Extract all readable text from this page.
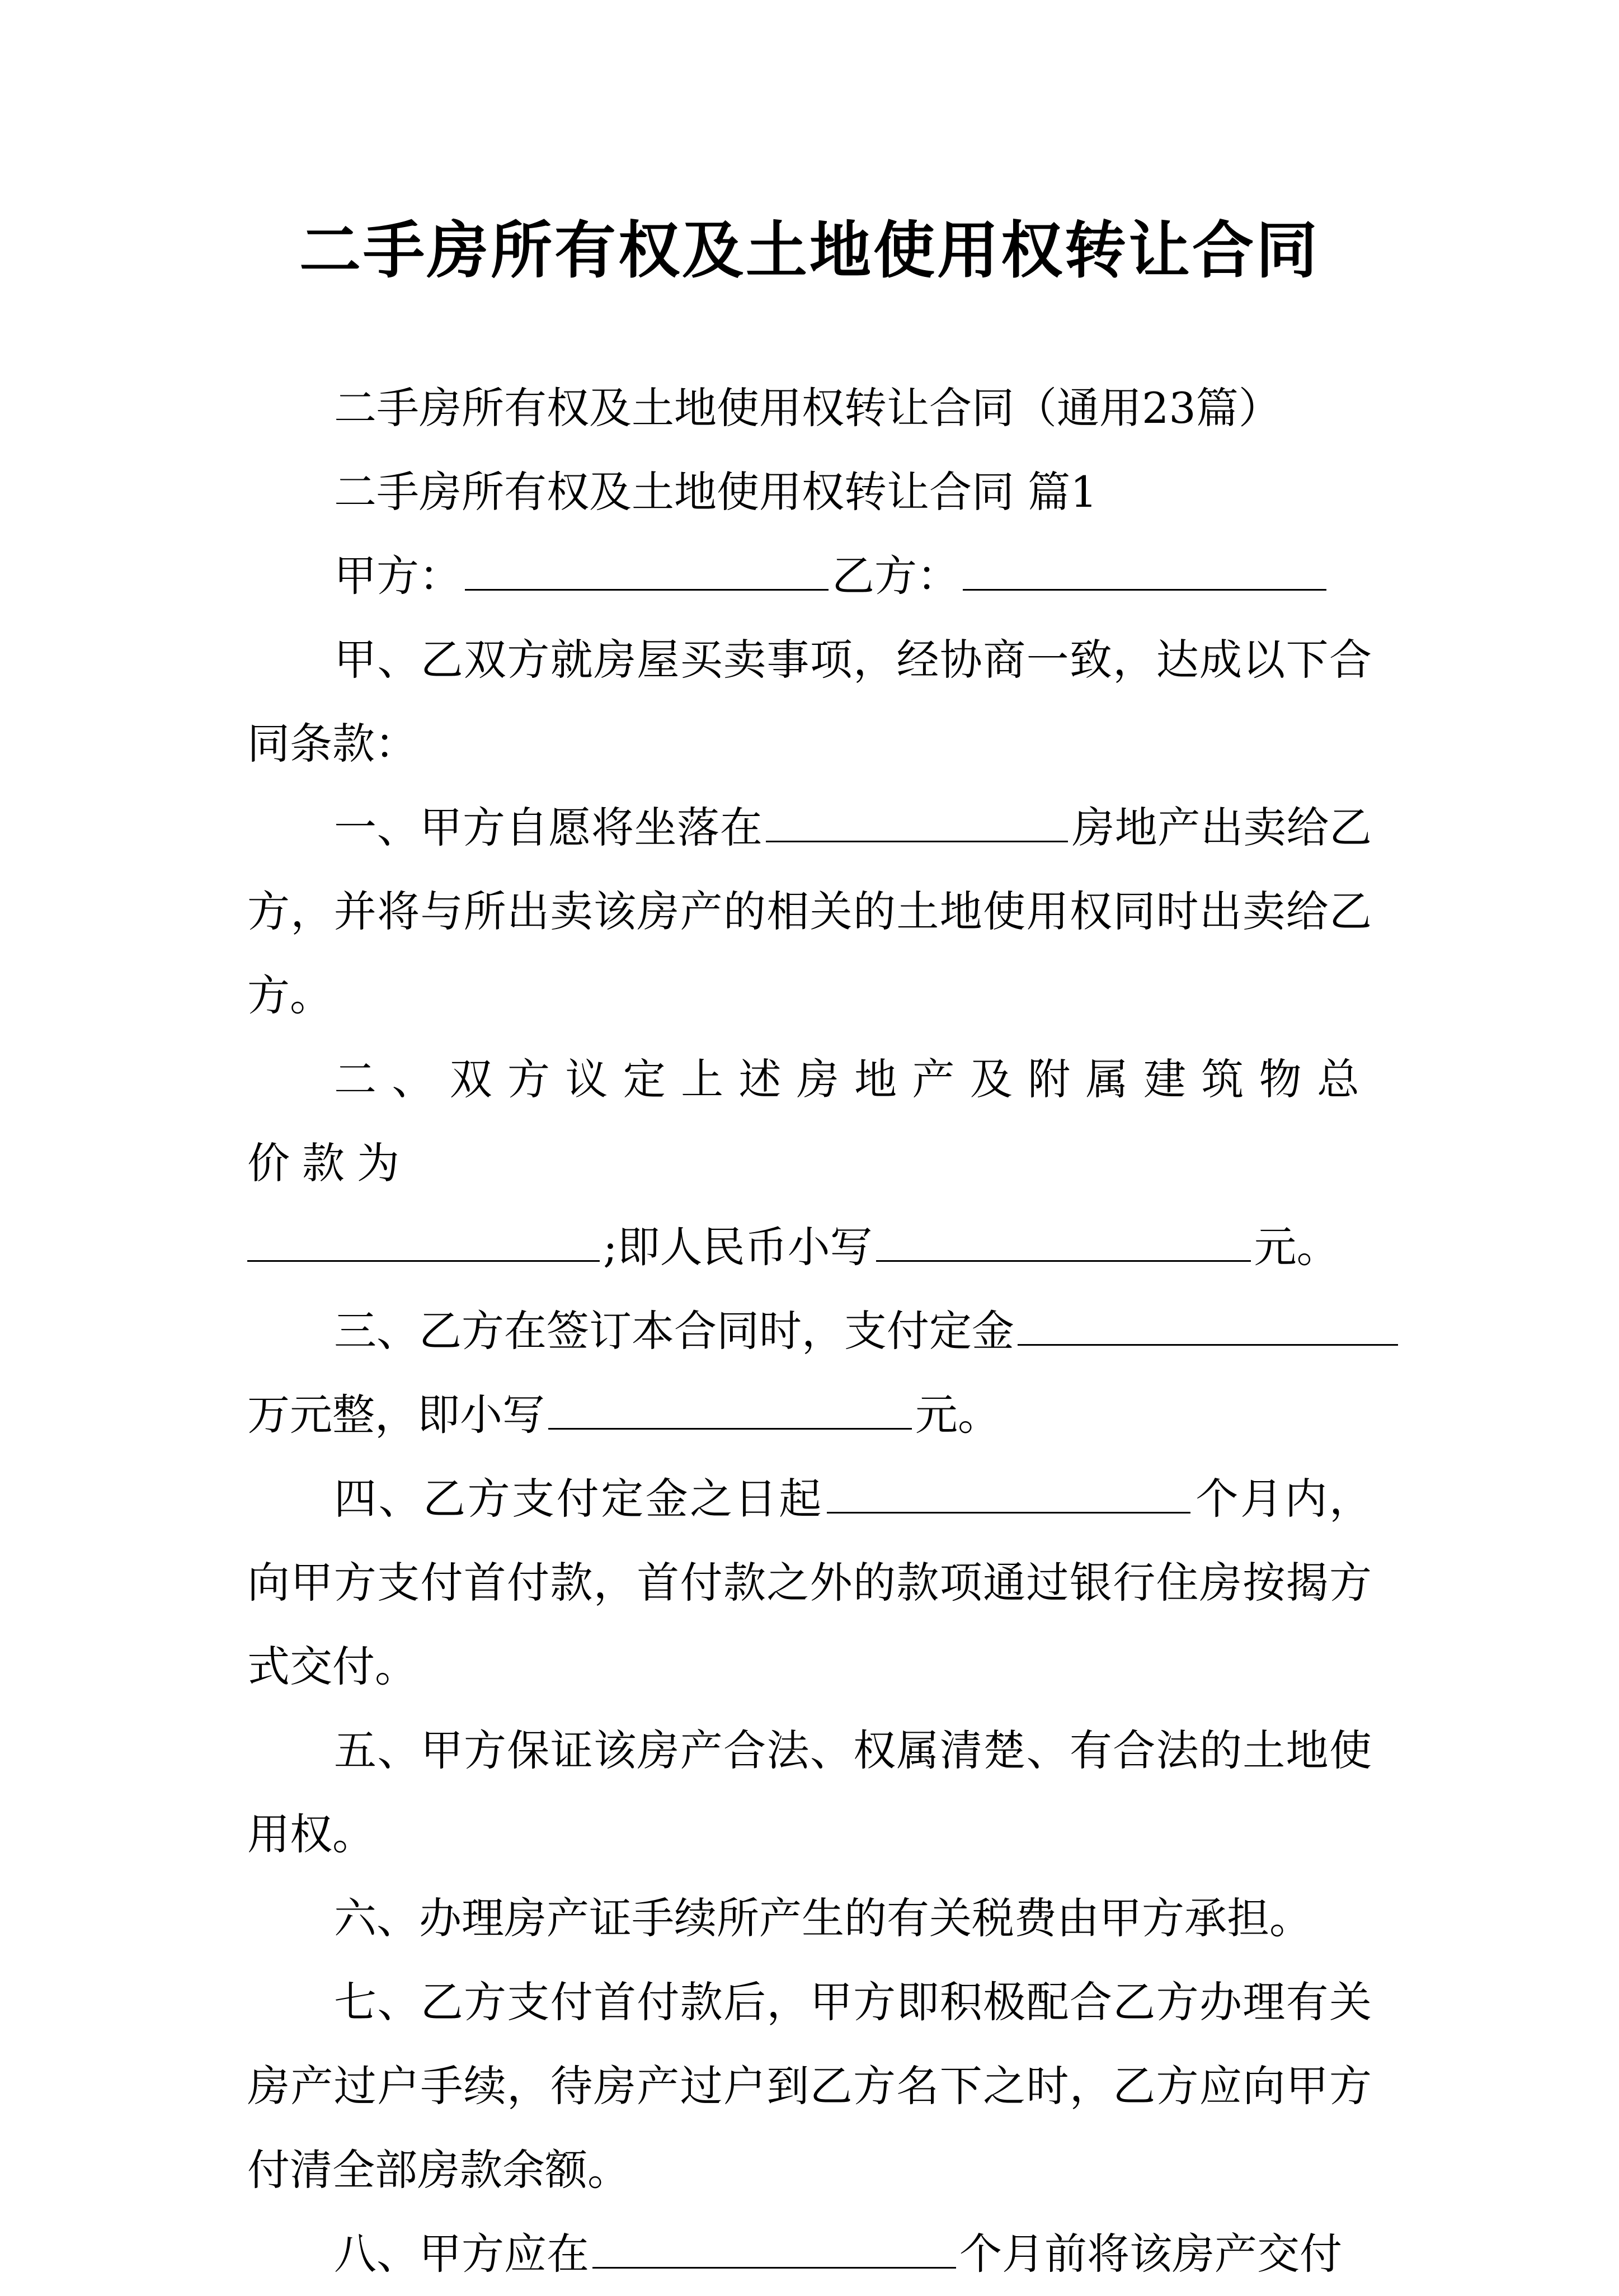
二手房所有权及土地使用权转让合同

二手房所有权及土地使用权转让合同（通用23篇）

二手房所有权及土地使用权转让合同 篇1

甲方：	乙方：

甲、乙双方就房屋买卖事项，经协商一致，达成以下合同条款：

一、甲方自愿将坐落在	房地产出卖给乙方，并将与所出卖该房产的相关的土地使用权同时出卖给乙方。

二、双方议定上述房地产及附属建筑物总价款为

;即人民币小写	元。

三、乙方在签订本合同时，支付定金

万元整，即小写	元。

四、乙方支付定金之日起	个月内，向甲方支付首付款，首付款之外的款项通过银行住房按揭方式交付。

五、甲方保证该房产合法、权属清楚、有合法的土地使用权。

六、办理房产证手续所产生的有关税费由甲方承担。

七、乙方支付首付款后，甲方即积极配合乙方办理有关房产过户手续，待房产过户到乙方名下之时，乙方应向甲方付清全部房款余额。

八、甲方应在	个月前将该房产交付
